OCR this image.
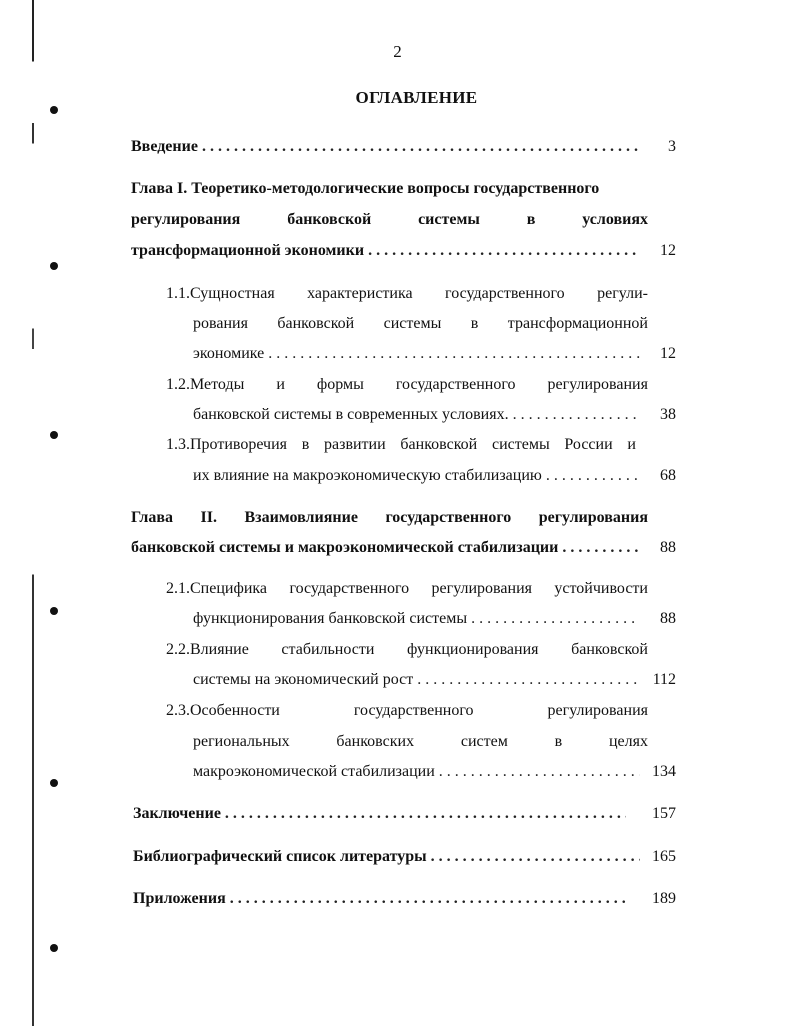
2
ОГЛАВЛЕНИЕ
Введение . . .	3
Глава I. Теоретико-методологические вопросы государственного
регулирования	банковской	системы	в	условиях
трансформационной экономики . . .	12
1.1.Сущностная характеристика государственного регули-
рования банковской системы в трансформационной
экономике . . .	12
1.2.Методы и формы государственного регулирования
банковской системы в современных условиях. . . .	38
1.3.Противоречия в развитии банковской системы России и
их влияние на макроэкономическую стабилизацию . . .	68
Глава II. Взаимовлияние государственного регулирования
банковской системы и макроэкономической стабилизации . . .	88
2.1.Специфика государственного регулирования устойчивости
функционирования банковской системы . . .	88
2.2.Влияние стабильности функционирования банковской
системы на экономический рост . . .	112
2.3.Особенности	государственного	регулирования
региональных	банковских	систем	в	целях
макроэкономической стабилизации . . .	134
Заключение . . .	157
Библиографический список литературы . . .	165
Приложения . . .	189
